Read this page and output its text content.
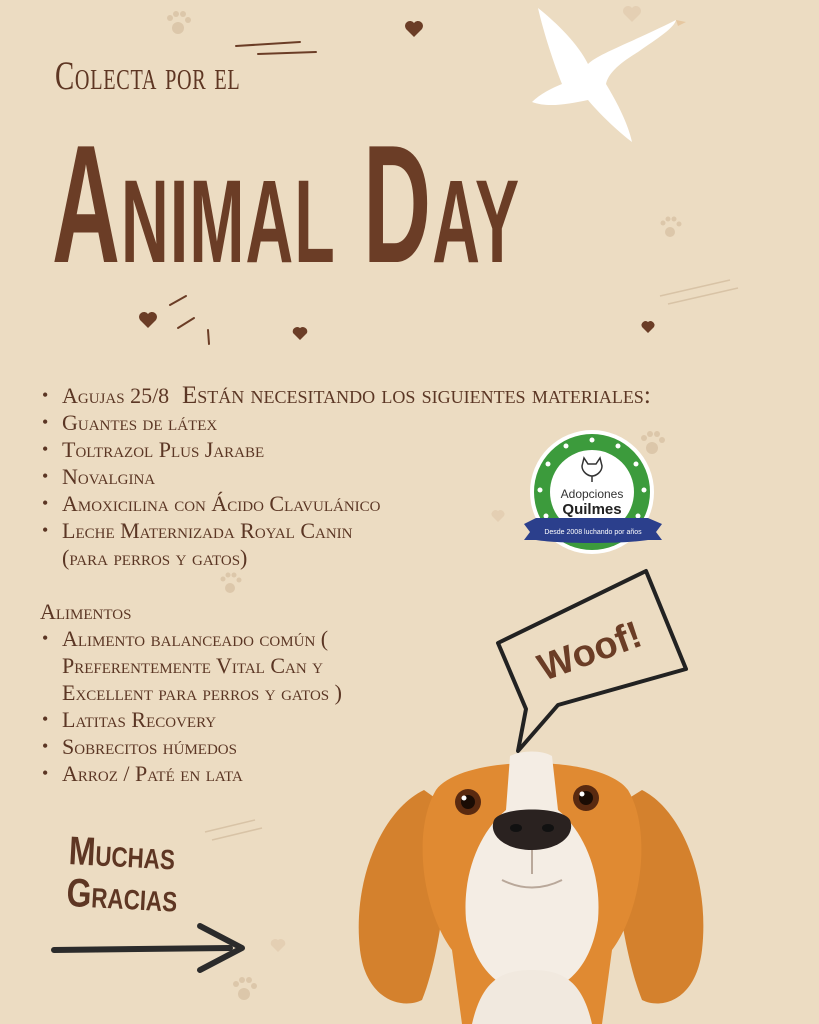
Colecta por el
Animal Day
Están necesitando los siguientes materiales:
• Agujas 25/8
• Guantes de látex
• Toltrazol Plus Jarabe
• Novalgina
• Amoxicilina con Ácido Clavulánico
• Leche Maternizada Royal Canin (para perros y gatos)
Alimentos
• Alimento balanceado común ( Preferentemente Vital Can y Excellent para perros y gatos )
• Latitas Recovery
• Sobrecitos húmedos
• Arroz / Paté en lata
Adopciones
Quilmes
Desde 2008 luchando por años
Woof!
Muchas
Gracias
